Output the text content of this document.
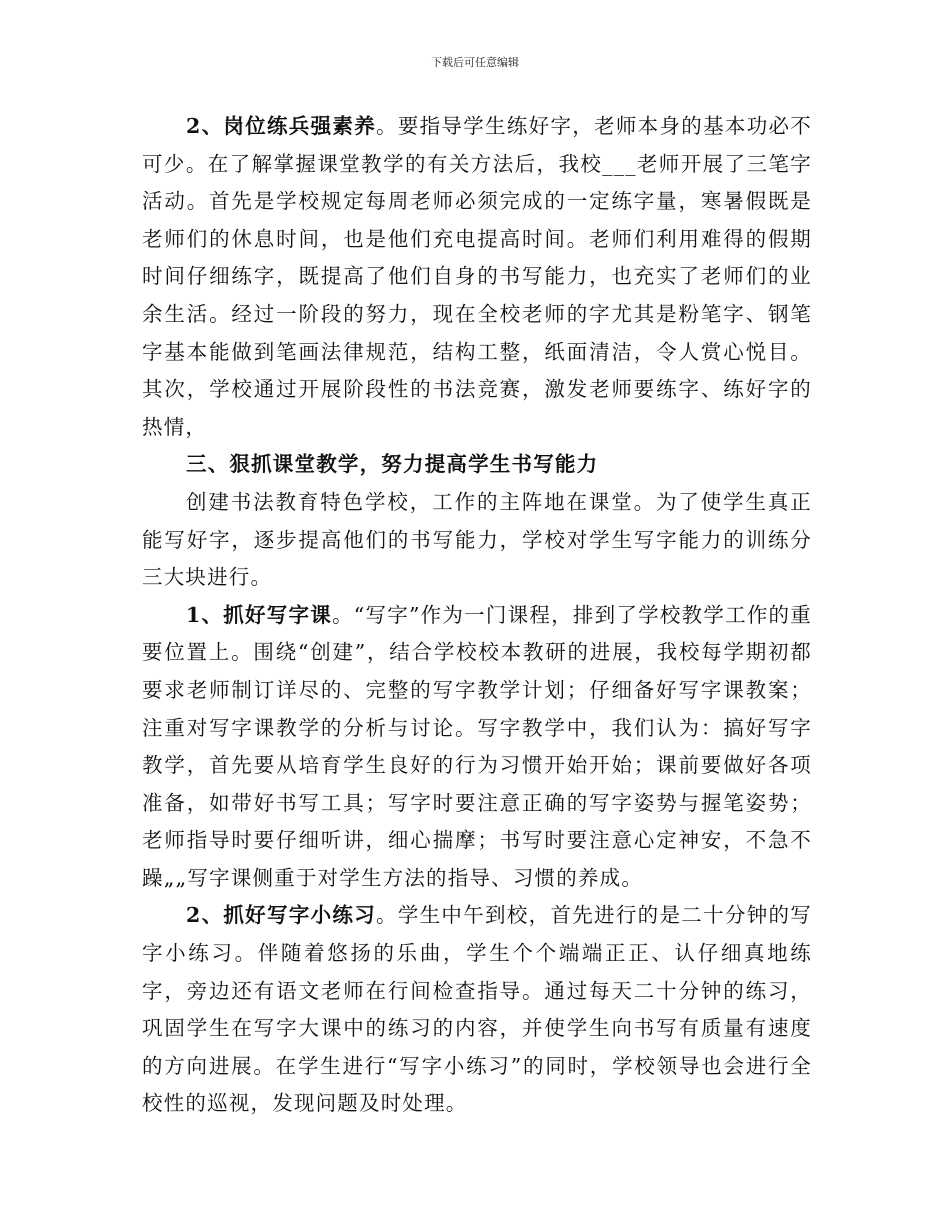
下载后可任意编辑

2、岗位练兵强素养。要指导学生练好字，老师本身的基本功必不可少。在了解掌握课堂教学的有关方法后，我校___老师开展了三笔字活动。首先是学校规定每周老师必须完成的一定练字量，寒暑假既是老师们的休息时间，也是他们充电提高时间。老师们利用难得的假期时间仔细练字，既提高了他们自身的书写能力，也充实了老师们的业余生活。经过一阶段的努力，现在全校老师的字尤其是粉笔字、钢笔字基本能做到笔画法律规范，结构工整，纸面清洁，令人赏心悦目。其次，学校通过开展阶段性的书法竞赛，激发老师要练字、练好字的热情，

三、狠抓课堂教学，努力提高学生书写能力

创建书法教育特色学校，工作的主阵地在课堂。为了使学生真正能写好字，逐步提高他们的书写能力，学校对学生写字能力的训练分三大块进行。

1、抓好写字课。“写字”作为一门课程，排到了学校教学工作的重要位置上。围绕“创建”，结合学校校本教研的进展，我校每学期初都要求老师制订详尽的、完整的写字教学计划；仔细备好写字课教案；注重对写字课教学的分析与讨论。写字教学中，我们认为：搞好写字教学，首先要从培育学生良好的行为习惯开始开始；课前要做好各项准备，如带好书写工具；写字时要注意正确的写字姿势与握笔姿势；老师指导时要仔细听讲，细心揣摩；书写时要注意心定神安，不急不躁„„写字课侧重于对学生方法的指导、习惯的养成。

2、抓好写字小练习。学生中午到校，首先进行的是二十分钟的写字小练习。伴随着悠扬的乐曲，学生个个端端正正、认仔细真地练字，旁边还有语文老师在行间检查指导。通过每天二十分钟的练习，巩固学生在写字大课中的练习的内容，并使学生向书写有质量有速度的方向进展。在学生进行“写字小练习”的同时，学校领导也会进行全校性的巡视，发现问题及时处理。
